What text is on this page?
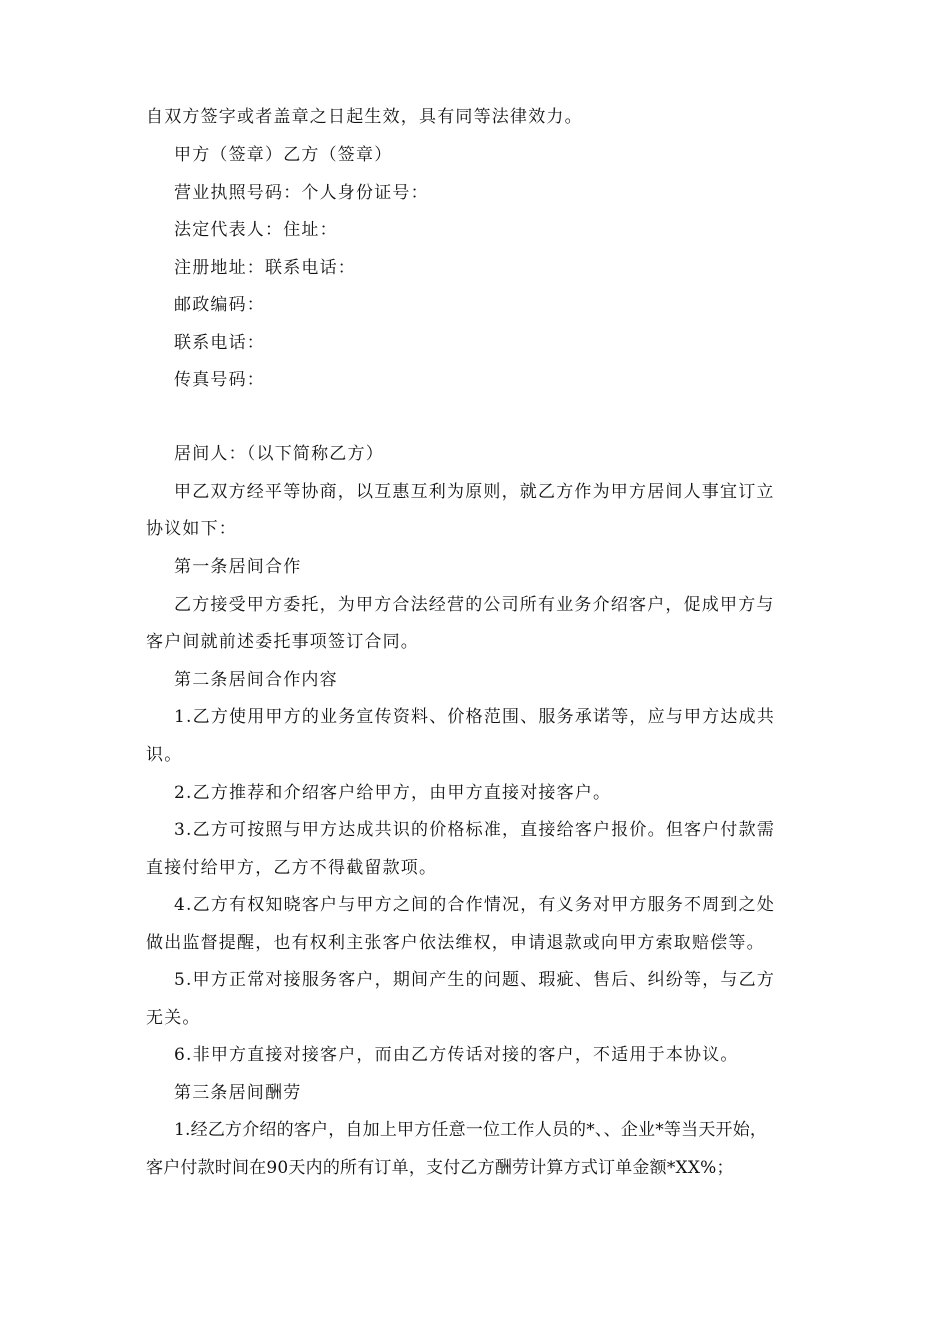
自双方签字或者盖章之日起生效，具有同等法律效力。
甲方（签章）乙方（签章）
营业执照号码：个人身份证号：
法定代表人：住址：
注册地址：联系电话：
邮政编码：
联系电话：
传真号码：
居间人：（以下简称乙方）
甲乙双方经平等协商，以互惠互利为原则，就乙方作为甲方居间人事宜订立
协议如下：
第一条居间合作
乙方接受甲方委托，为甲方合法经营的公司所有业务介绍客户，促成甲方与
客户间就前述委托事项签订合同。
第二条居间合作内容
1.乙方使用甲方的业务宣传资料、价格范围、服务承诺等，应与甲方达成共
识。
2.乙方推荐和介绍客户给甲方，由甲方直接对接客户。
3.乙方可按照与甲方达成共识的价格标准，直接给客户报价。但客户付款需
直接付给甲方，乙方不得截留款项。
4.乙方有权知晓客户与甲方之间的合作情况，有义务对甲方服务不周到之处
做出监督提醒，也有权利主张客户依法维权，申请退款或向甲方索取赔偿等。
5.甲方正常对接服务客户，期间产生的问题、瑕疵、售后、纠纷等，与乙方
无关。
6.非甲方直接对接客户，而由乙方传话对接的客户，不适用于本协议。
第三条居间酬劳
1.经乙方介绍的客户，自加上甲方任意一位工作人员的*、、企业*等当天开始，
客户付款时间在90天内的所有订单，支付乙方酬劳计算方式订单金额*XX%；
